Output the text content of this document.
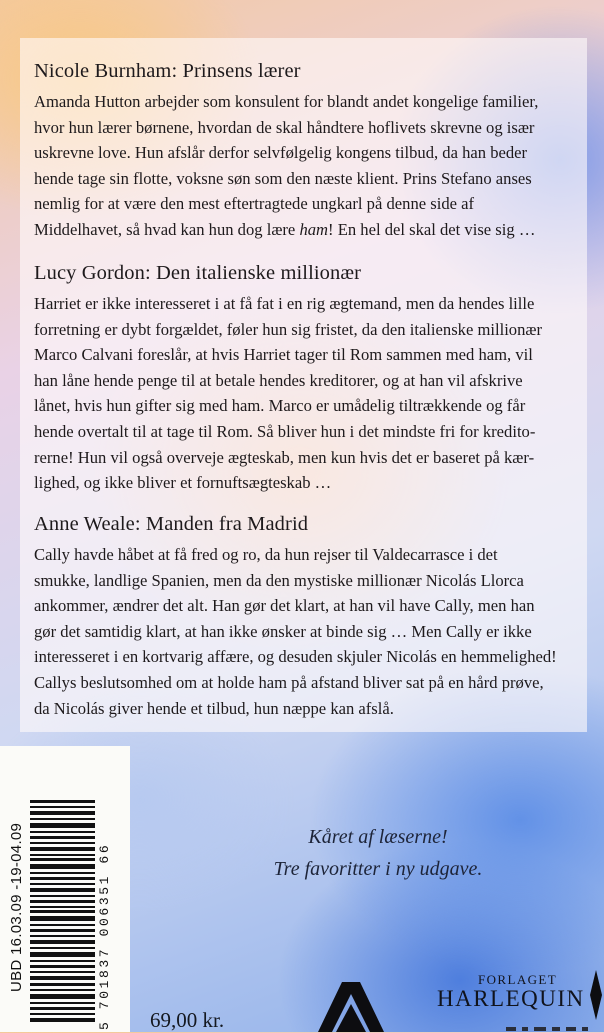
Nicole Burnham: Prinsens lærer
Amanda Hutton arbejder som konsulent for blandt andet kongelige familier,
hvor hun lærer børnene, hvordan de skal håndtere hoflivets skrevne og især
uskrevne love. Hun afslår derfor selvfølgelig kongens tilbud, da han beder
hende tage sin flotte, voksne søn som den næste klient. Prins Stefano anses
nemlig for at være den mest eftertragtede ungkarl på denne side af
Middelhavet, så hvad kan hun dog lære ham! En hel del skal det vise sig …
Lucy Gordon: Den italienske millionær
Harriet er ikke interesseret i at få fat i en rig ægtemand, men da hendes lille
forretning er dybt forgældet, føler hun sig fristet, da den italienske millionær
Marco Calvani foreslår, at hvis Harriet tager til Rom sammen med ham, vil
han låne hende penge til at betale hendes kreditorer, og at han vil afskrive
lånet, hvis hun gifter sig med ham. Marco er umådelig tiltrækkende og får
hende overtalt til at tage til Rom. Så bliver hun i det mindste fri for kredito-
rerne! Hun vil også overveje ægteskab, men kun hvis det er baseret på kær-
lighed, og ikke bliver et fornuftsægteskab …
Anne Weale: Manden fra Madrid
Cally havde håbet at få fred og ro, da hun rejser til Valdecarrasce i det
smukke, landlige Spanien, men da den mystiske millionær Nicolás Llorca
ankommer, ændrer det alt. Han gør det klart, at han vil have Cally, men han
gør det samtidig klart, at han ikke ønsker at binde sig … Men Cally er ikke
interesseret i en kortvarig affære, og desuden skjuler Nicolás en hemmelighed!
Callys beslutsomhed om at holde ham på afstand bliver sat på en hård prøve,
da Nicolás giver hende et tilbud, hun næppe kan afslå.
Kåret af læserne!
Tre favoritter i ny udgave.
UBD 16.03.09 -19-04.09	5 701837 006351 66 69,00 kr.
FORLAGET
HARLEQUIN
